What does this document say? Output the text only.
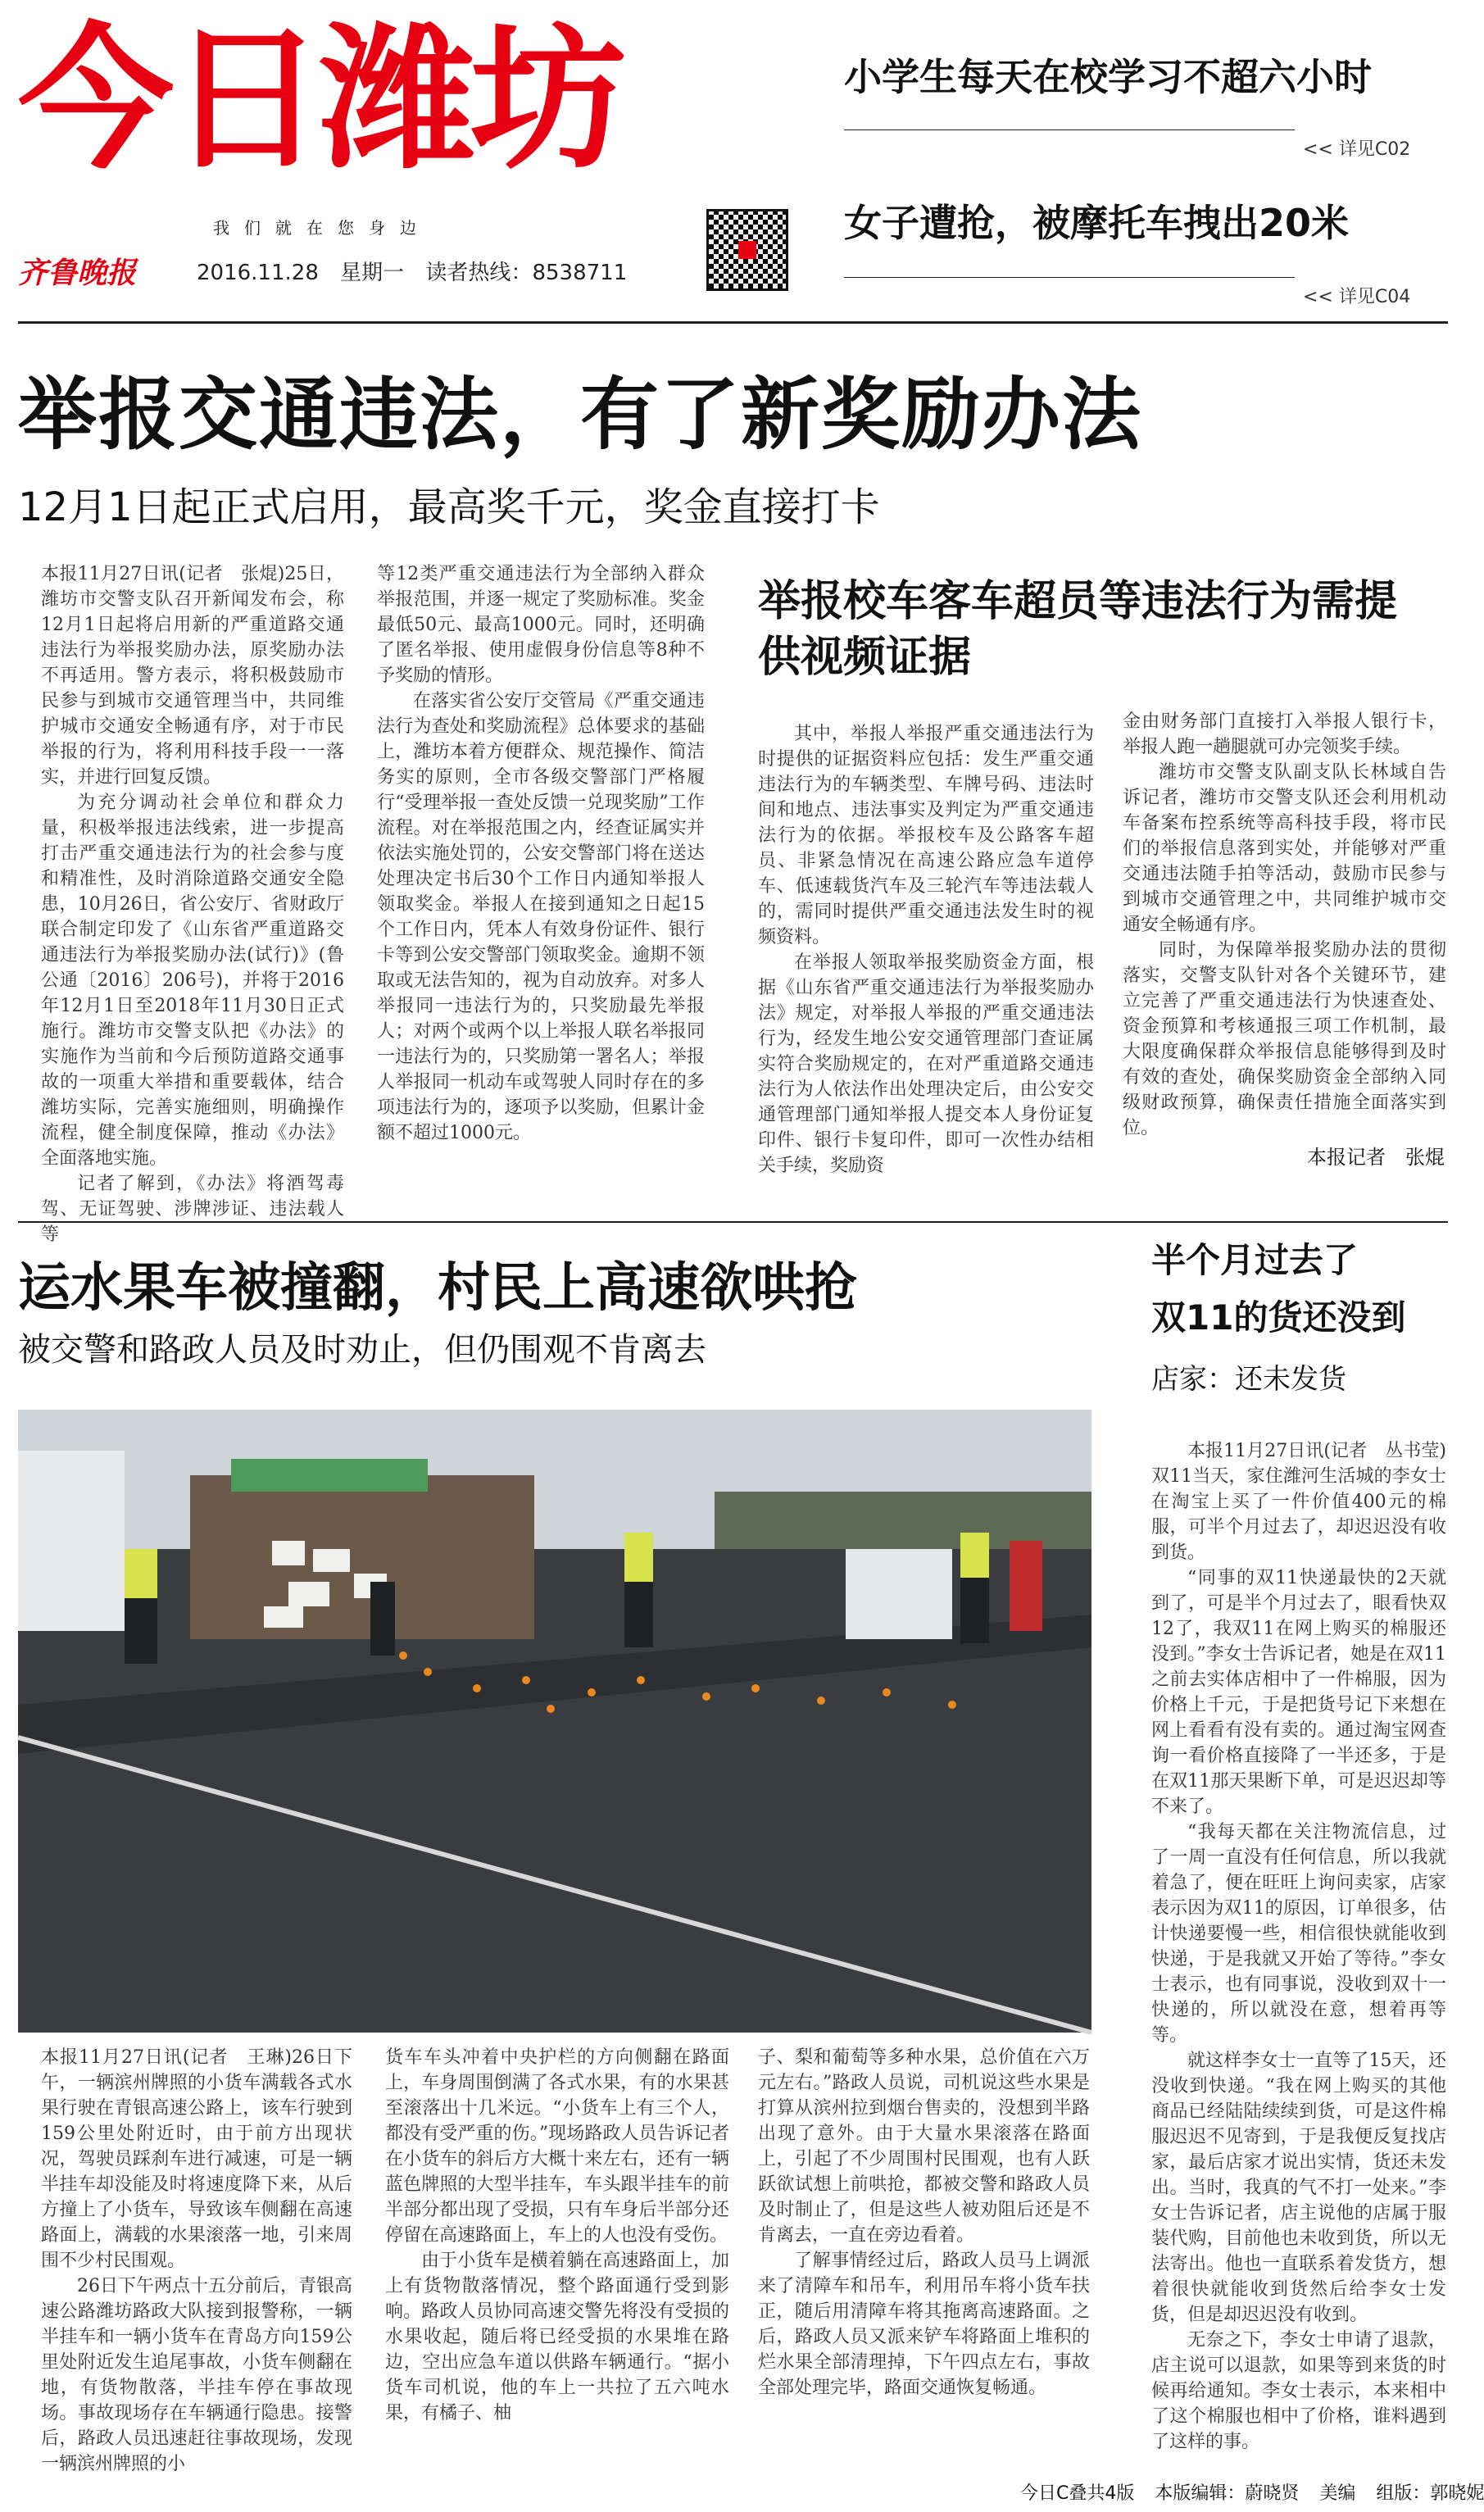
今日潍坊
我们就在您身边
齐鲁晚报	2016.11.28 星期一 读者热线：8538711
小学生每天在校学习不超六小时
<< 详见C02
女子遭抢，被摩托车拽出20米
<< 详见C04
举报交通违法，有了新奖励办法
12月1日起正式启用，最高奖千元，奖金直接打卡

本报11月27日讯(记者　张焜)25日，潍坊市交警支队召开新闻发布会，称12月1日起将启用新的严重道路交通违法行为举报奖励办法，原奖励办法不再适用。警方表示，将积极鼓励市民参与到城市交通管理当中，共同维护城市交通安全畅通有序，对于市民举报的行为，将利用科技手段一一落实，并进行回复反馈。

为充分调动社会单位和群众力量，积极举报违法线索，进一步提高打击严重交通违法行为的社会参与度和精准性，及时消除道路交通安全隐患，10月26日，省公安厅、省财政厅联合制定印发了《山东省严重道路交通违法行为举报奖励办法(试行)》(鲁公通〔2016〕206号)，并将于2016年12月1日至2018年11月30日正式施行。潍坊市交警支队把《办法》的实施作为当前和今后预防道路交通事故的一项重大举措和重要载体，结合潍坊实际，完善实施细则，明确操作流程，健全制度保障，推动《办法》全面落地实施。

记者了解到，《办法》将酒驾毒驾、无证驾驶、涉牌涉证、违法载人等

等12类严重交通违法行为全部纳入群众举报范围，并逐一规定了奖励标准。奖金最低50元、最高1000元。同时，还明确了匿名举报、使用虚假身份信息等8种不予奖励的情形。

在落实省公安厅交管局《严重交通违法行为查处和奖励流程》总体要求的基础上，潍坊本着方便群众、规范操作、简洁务实的原则，全市各级交警部门严格履行“受理举报一查处反馈一兑现奖励”工作流程。对在举报范围之内，经查证属实并依法实施处罚的，公安交警部门将在送达处理决定书后30个工作日内通知举报人领取奖金。举报人在接到通知之日起15个工作日内，凭本人有效身份证件、银行卡等到公安交警部门领取奖金。逾期不领取或无法告知的，视为自动放弃。对多人举报同一违法行为的，只奖励最先举报人；对两个或两个以上举报人联名举报同一违法行为的，只奖励第一署名人；举报人举报同一机动车或驾驶人同时存在的多项违法行为的，逐项予以奖励，但累计金额不超过1000元。

举报校车客车超员等违法行为需提供视频证据

其中，举报人举报严重交通违法行为时提供的证据资料应包括：发生严重交通违法行为的车辆类型、车牌号码、违法时间和地点、违法事实及判定为严重交通违法行为的依据。举报校车及公路客车超员、非紧急情况在高速公路应急车道停车、低速载货汽车及三轮汽车等违法载人的，需同时提供严重交通违法发生时的视频资料。

在举报人领取举报奖励资金方面，根据《山东省严重交通违法行为举报奖励办法》规定，对举报人举报的严重交通违法行为，经发生地公安交通管理部门查证属实符合奖励规定的，在对严重道路交通违法行为人依法作出处理决定后，由公安交通管理部门通知举报人提交本人身份证复印件、银行卡复印件，即可一次性办结相关手续，奖励资

金由财务部门直接打入举报人银行卡，举报人跑一趟腿就可办完领奖手续。

潍坊市交警支队副支队长林域自告诉记者，潍坊市交警支队还会利用机动车备案布控系统等高科技手段，将市民们的举报信息落到实处，并能够对严重交通违法随手拍等活动，鼓励市民参与到城市交通管理之中，共同维护城市交通安全畅通有序。

同时，为保障举报奖励办法的贯彻落实，交警支队针对各个关键环节，建立完善了严重交通违法行为快速查处、资金预算和考核通报三项工作机制，最大限度确保群众举报信息能够得到及时有效的查处，确保奖励资金全部纳入同级财政预算，确保责任措施全面落实到位。

本报记者　张焜
运水果车被撞翻，村民上高速欲哄抢
被交警和路政人员及时劝止，但仍围观不肯离去

本报11月27日讯(记者　王琳)26日下午，一辆滨州牌照的小货车满载各式水果行驶在青银高速公路上，该车行驶到159公里处附近时，由于前方出现状况，驾驶员踩刹车进行减速，可是一辆半挂车却没能及时将速度降下来，从后方撞上了小货车，导致该车侧翻在高速路面上，满载的水果滚落一地，引来周围不少村民围观。

26日下午两点十五分前后，青银高速公路潍坊路政大队接到报警称，一辆半挂车和一辆小货车在青岛方向159公里处附近发生追尾事故，小货车侧翻在地，有货物散落，半挂车停在事故现场。事故现场存在车辆通行隐患。接警后，路政人员迅速赶往事故现场，发现一辆滨州牌照的小

货车车头冲着中央护栏的方向侧翻在路面上，车身周围倒满了各式水果，有的水果甚至滚落出十几米远。“小货车上有三个人，都没有受严重的伤。”现场路政人员告诉记者在小货车的斜后方大概十来左右，还有一辆蓝色牌照的大型半挂车，车头跟半挂车的前半部分都出现了受损，只有车身后半部分还停留在高速路面上，车上的人也没有受伤。

由于小货车是横着躺在高速路面上，加上有货物散落情况，整个路面通行受到影响。路政人员协同高速交警先将没有受损的水果收起，随后将已经受损的水果堆在路边，空出应急车道以供路车辆通行。“据小货车司机说，他的车上一共拉了五六吨水果，有橘子、柚

子、梨和葡萄等多种水果，总价值在六万元左右。”路政人员说，司机说这些水果是打算从滨州拉到烟台售卖的，没想到半路出现了意外。由于大量水果滚落在路面上，引起了不少周围村民围观，也有人跃跃欲试想上前哄抢，都被交警和路政人员及时制止了，但是这些人被劝阻后还是不肯离去，一直在旁边看着。

了解事情经过后，路政人员马上调派来了清障车和吊车，利用吊车将小货车扶正，随后用清障车将其拖离高速路面。之后，路政人员又派来铲车将路面上堆积的烂水果全部清理掉，下午四点左右，事故全部处理完毕，路面交通恢复畅通。

半个月过去了
双11的货还没到
店家：还未发货

本报11月27日讯(记者　丛书莹)双11当天，家住潍河生活城的李女士在淘宝上买了一件价值400元的棉服，可半个月过去了，却迟迟没有收到货。

“同事的双11快递最快的2天就到了，可是半个月过去了，眼看快双12了，我双11在网上购买的棉服还没到。”李女士告诉记者，她是在双11之前去实体店相中了一件棉服，因为价格上千元，于是把货号记下来想在网上看看有没有卖的。通过淘宝网查询一看价格直接降了一半还多，于是在双11那天果断下单，可是迟迟却等不来了。

“我每天都在关注物流信息，过了一周一直没有任何信息，所以我就着急了，便在旺旺上询问卖家，店家表示因为双11的原因，订单很多，估计快递要慢一些，相信很快就能收到快递，于是我就又开始了等待。”李女士表示，也有同事说，没收到双十一快递的，所以就没在意，想着再等等。

就这样李女士一直等了15天，还没收到快递。“我在网上购买的其他商品已经陆陆续续到货，可是这件棉服迟迟不见寄到，于是我便反复找店家，最后店家才说出实情，货还未发出。当时，我真的气不打一处来。”李女士告诉记者，店主说他的店属于服装代购，目前他也未收到货，所以无法寄出。他也一直联系着发货方，想着很快就能收到货然后给李女士发货，但是却迟迟没有收到。

无奈之下，李女士申请了退款，店主说可以退款，如果等到来货的时候再给通知。李女士表示，本来相中了这个棉服也相中了价格，谁料遇到了这样的事。

今日C叠共4版 本版编辑：蔚晓贤 美编 组版：郭晓妮
